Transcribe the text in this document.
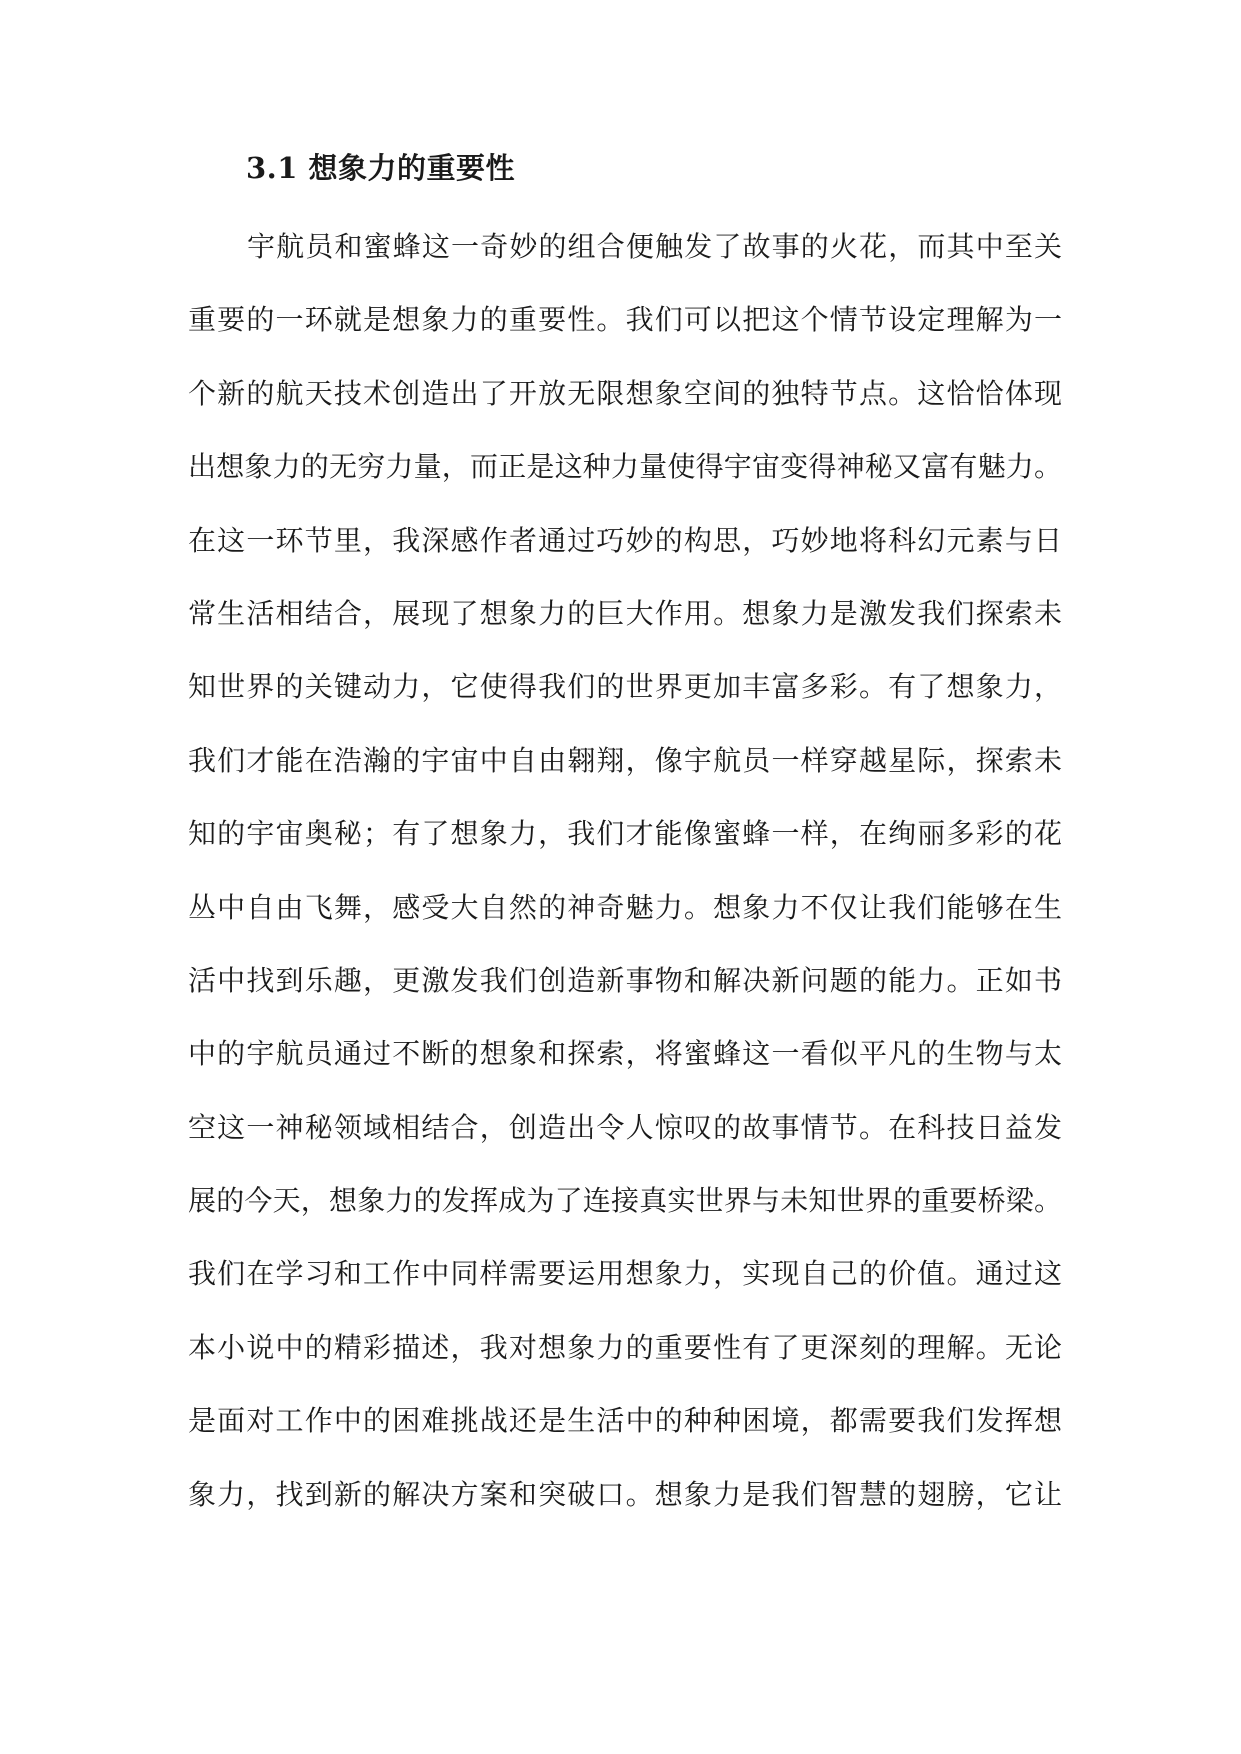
3.1 想象力的重要性
宇航员和蜜蜂这一奇妙的组合便触发了故事的火花，而其中至关
重要的一环就是想象力的重要性。我们可以把这个情节设定理解为一
个新的航天技术创造出了开放无限想象空间的独特节点。这恰恰体现
出想象力的无穷力量，而正是这种力量使得宇宙变得神秘又富有魅力。
在这一环节里，我深感作者通过巧妙的构思，巧妙地将科幻元素与日
常生活相结合，展现了想象力的巨大作用。想象力是激发我们探索未
知世界的关键动力，它使得我们的世界更加丰富多彩。有了想象力，
我们才能在浩瀚的宇宙中自由翱翔，像宇航员一样穿越星际，探索未
知的宇宙奥秘；有了想象力，我们才能像蜜蜂一样，在绚丽多彩的花
丛中自由飞舞，感受大自然的神奇魅力。想象力不仅让我们能够在生
活中找到乐趣，更激发我们创造新事物和解决新问题的能力。正如书
中的宇航员通过不断的想象和探索，将蜜蜂这一看似平凡的生物与太
空这一神秘领域相结合，创造出令人惊叹的故事情节。在科技日益发
展的今天，想象力的发挥成为了连接真实世界与未知世界的重要桥梁。
我们在学习和工作中同样需要运用想象力，实现自己的价值。通过这
本小说中的精彩描述，我对想象力的重要性有了更深刻的理解。无论
是面对工作中的困难挑战还是生活中的种种困境，都需要我们发挥想
象力，找到新的解决方案和突破口。想象力是我们智慧的翅膀，它让
